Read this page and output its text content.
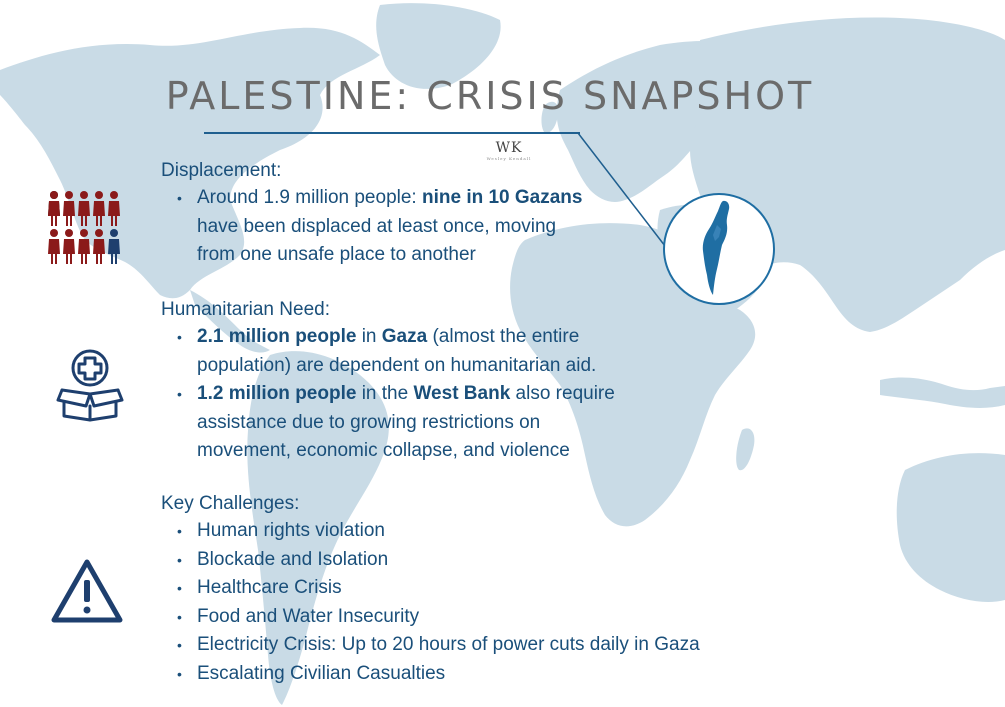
PALESTINE: CRISIS SNAPSHOT
WK
Wesley Kendall
Displacement:
• Around 1.9 million people: nine in 10 Gazans
have been displaced at least once, moving
from one unsafe place to another
Humanitarian Need:
• 2.1 million people in Gaza (almost the entire
population) are dependent on humanitarian aid.
• 1.2 million people in the West Bank also require
assistance due to growing restrictions on
movement, economic collapse, and violence
Key Challenges:
• Human rights violation
• Blockade and Isolation
• Healthcare Crisis
• Food and Water Insecurity
• Electricity Crisis: Up to 20 hours of power cuts daily in Gaza
• Escalating Civilian Casualties
